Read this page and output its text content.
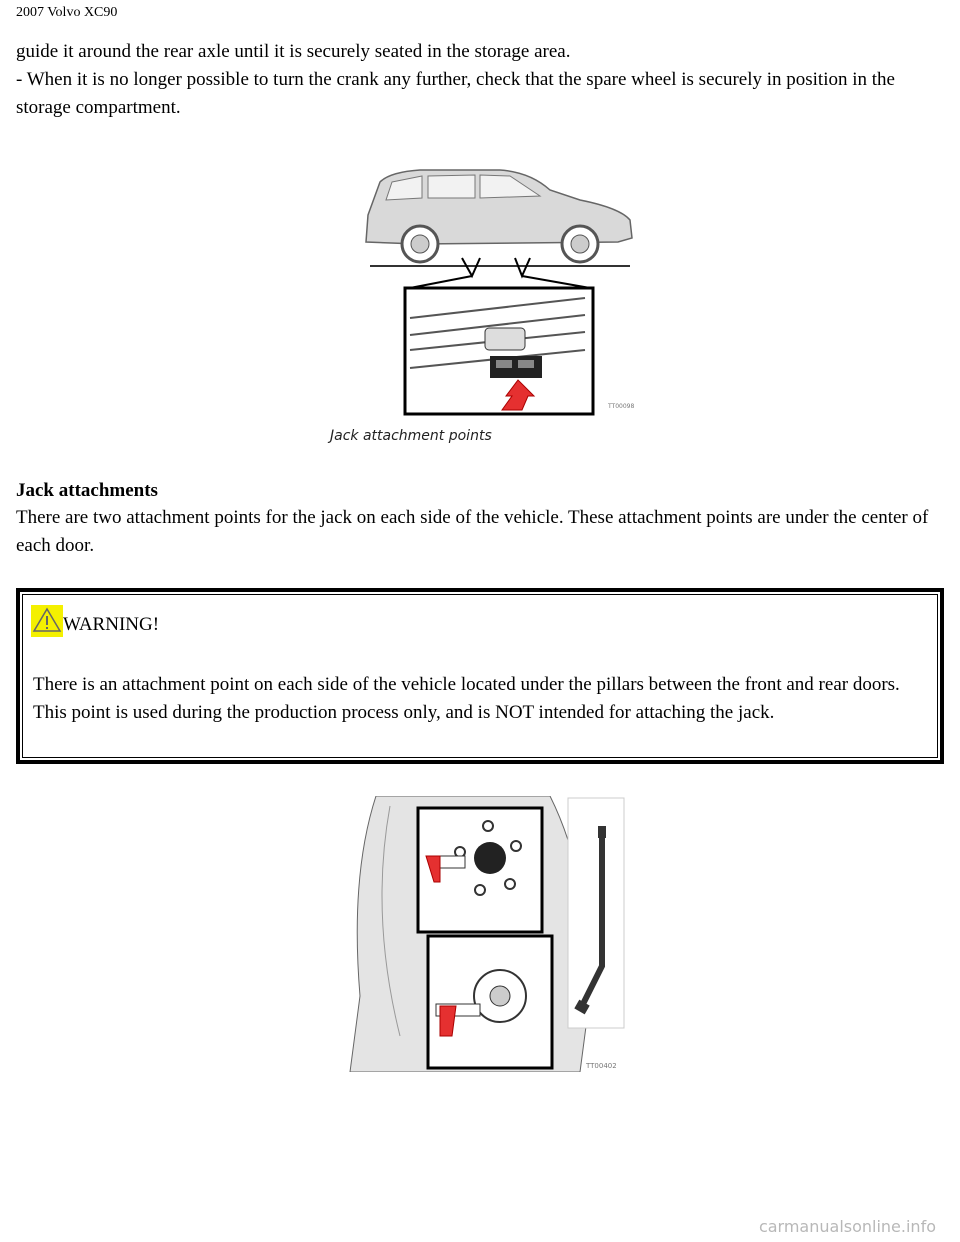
2007 Volvo XC90
guide it around the rear axle until it is securely seated in the storage area.
- When it is no longer possible to turn the crank any further, check that the spare wheel is securely in position in the storage compartment.
TT00098
Jack attachment points
Jack attachments
There are two attachment points for the jack on each side of the vehicle. These attachment points are under the center of each door.
WARNING!
There is an attachment point on each side of the vehicle located under the pillars between the front and rear doors. This point is used during the production process only, and is NOT intended for attaching the jack.
TT00402
carmanualsonline.info
